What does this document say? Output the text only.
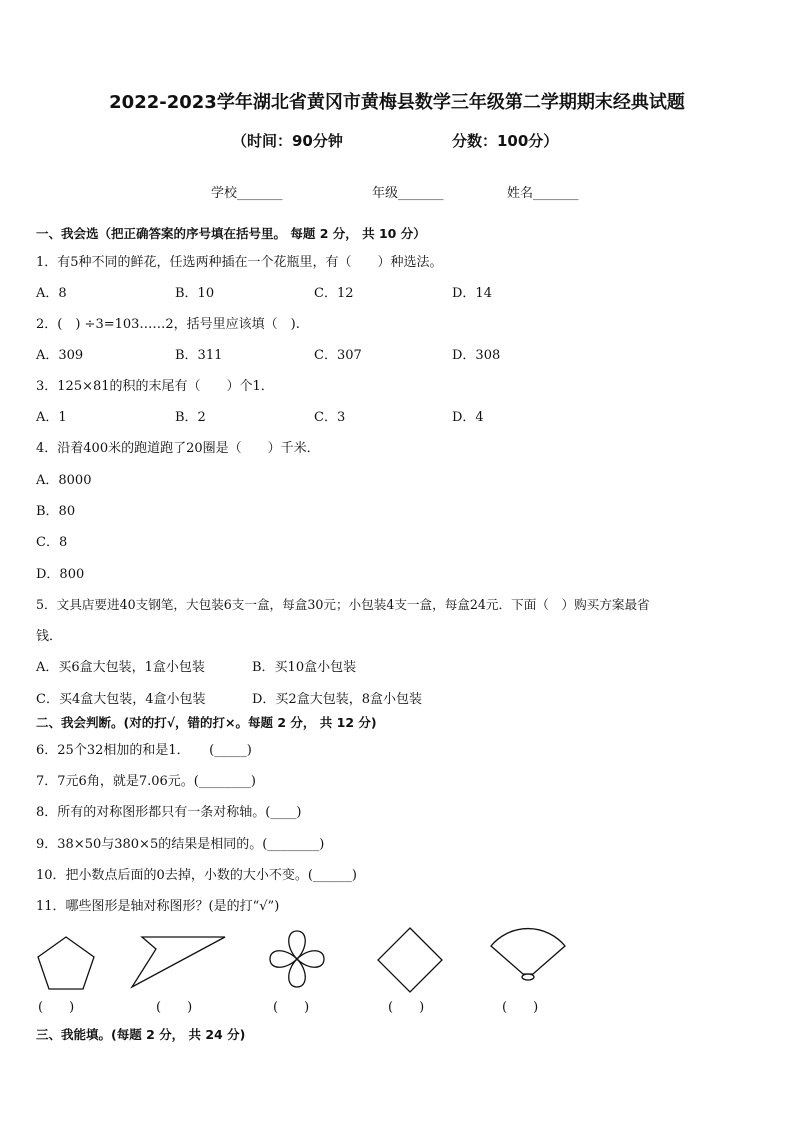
2022-2023学年湖北省黄冈市黄梅县数学三年级第二学期期末经典试题
（时间：90分钟	分数：100分）
学校_______	年级_______	姓名_______
一、我会选（把正确答案的序号填在括号里。 每题 2 分， 共 10 分）
1．有5种不同的鲜花，任选两种插在一个花瓶里，有（　　）种选法。
A．8	B．10	C．12	D．14
2．(　) ÷3=103……2，括号里应该填（　).
A．309	B．311	C．307	D．308
3．125×81的积的末尾有（　　）个1．
A．1	B．2	C．3	D．4
4．沿着400米的跑道跑了20圈是（　　）千米．
A．8000
B．80
C．8
D．800
5．文具店要进40支钢笔，大包装6支一盒，每盒30元；小包装4支一盒，每盒24元．下面（　）购买方案最省
钱．
A．买6盒大包装，1盒小包装	B．买10盒小包装
C．买4盒大包装，4盒小包装	D．买2盒大包装，8盒小包装
二、我会判断。(对的打√，错的打×。每题 2 分， 共 12 分)
6．25个32相加的和是1．　　(_____)
7．7元6角，就是7.06元。(________)
8．所有的对称图形都只有一条对称轴。(____)
9．38×50与380×5的结果是相同的。(________)
10．把小数点后面的0去掉，小数的大小不变。(______)
11．哪些图形是轴对称图形？(是的打“√”)
(　　)	(　　)	(　　)	(　　)	(　　)
三、我能填。(每题 2 分， 共 24 分)
